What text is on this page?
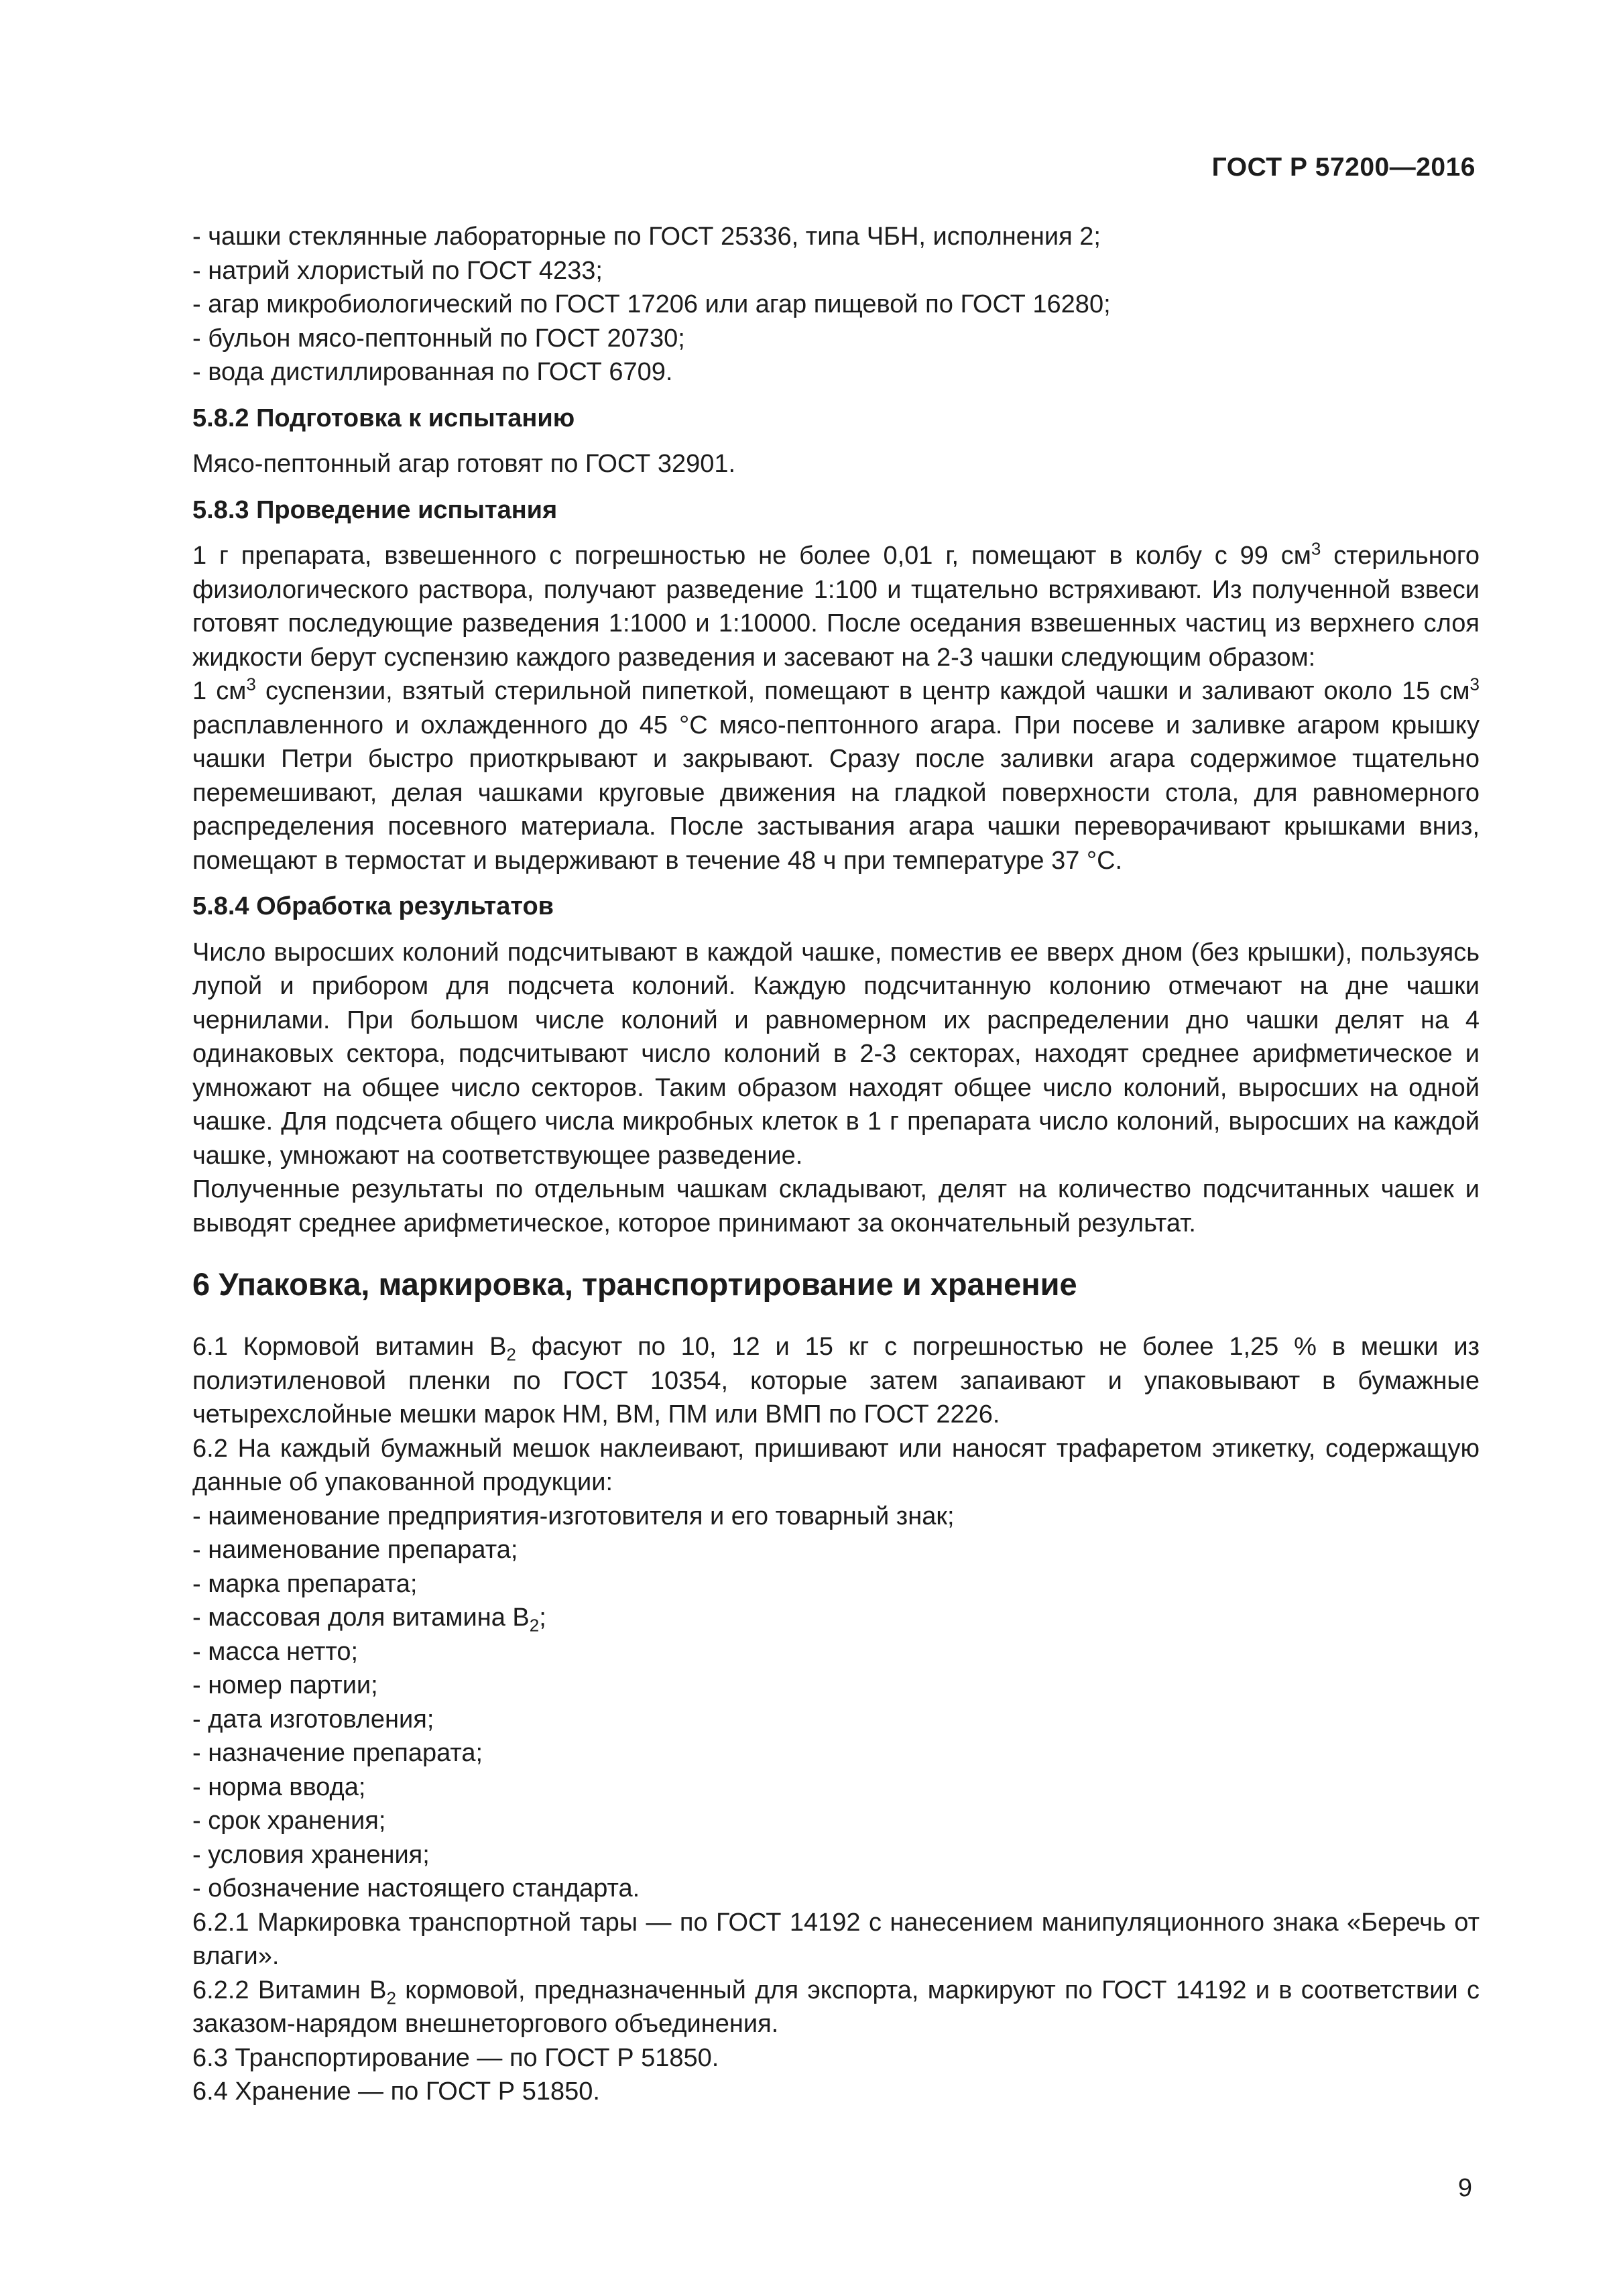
ГОСТ Р 57200—2016

- чашки стеклянные лабораторные по ГОСТ 25336, типа ЧБН, исполнения 2;

- натрий хлористый по ГОСТ 4233;

- агар микробиологический по ГОСТ 17206 или агар пищевой по ГОСТ 16280;

- бульон мясо-пептонный по ГОСТ 20730;

- вода дистиллированная по ГОСТ 6709.

5.8.2 Подготовка к испытанию

Мясо-пептонный агар готовят по ГОСТ 32901.

5.8.3 Проведение испытания

1 г препарата, взвешенного с погрешностью не более 0,01 г, помещают в колбу с 99 $см^3$ стерильного физиологического раствора, получают разведение 1:100 и тщательно встряхивают. Из полученной взвеси готовят последующие разведения 1:1000 и 1:10000. После оседания взвешенных частиц из верхнего слоя жидкости берут суспензию каждого разведения и засевают на 2-3 чашки следующим образом:

1 $см^3$ суспензии, взятый стерильной пипеткой, помещают в центр каждой чашки и заливают около 15 $см^3$ расплавленного и охлажденного до 45 °С мясо-пептонного агара. При посеве и заливке агаром крышку чашки Петри быстро приоткрывают и закрывают. Сразу после заливки агара содержимое тщательно перемешивают, делая чашками круговые движения на гладкой поверхности стола, для равномерного распределения посевного материала. После застывания агара чашки переворачивают крышками вниз, помещают в термостат и выдерживают в течение 48 ч при температуре 37 °С.

5.8.4 Обработка результатов

Число выросших колоний подсчитывают в каждой чашке, поместив ее вверх дном (без крышки), пользуясь лупой и прибором для подсчета колоний. Каждую подсчитанную колонию отмечают на дне чашки чернилами. При большом числе колоний и равномерном их распределении дно чашки делят на 4 одинаковых сектора, подсчитывают число колоний в 2-3 секторах, находят среднее арифметическое и умножают на общее число секторов. Таким образом находят общее число колоний, выросших на одной чашке. Для подсчета общего числа микробных клеток в 1 г препарата число колоний, выросших на каждой чашке, умножают на соответствующее разведение.

Полученные результаты по отдельным чашкам складывают, делят на количество подсчитанных чашек и выводят среднее арифметическое, которое принимают за окончательный результат.

6 Упаковка, маркировка, транспортирование и хранение

6.1 Кормовой витамин $В_2$ фасуют по 10, 12 и 15 кг с погрешностью не более 1,25 % в мешки из полиэтиленовой пленки по ГОСТ 10354, которые затем запаивают и упаковывают в бумажные четырехслойные мешки марок НМ, ВМ, ПМ или ВМП по ГОСТ 2226.

6.2 На каждый бумажный мешок наклеивают, пришивают или наносят трафаретом этикетку, содержащую данные об упакованной продукции:

- наименование предприятия-изготовителя и его товарный знак;

- наименование препарата;

- марка препарата;

- массовая доля витамина $В_2$;

- масса нетто;

- номер партии;

- дата изготовления;

- назначение препарата;

- норма ввода;

- срок хранения;

- условия хранения;

- обозначение настоящего стандарта.

6.2.1 Маркировка транспортной тары — по ГОСТ 14192 с нанесением манипуляционного знака «Беречь от влаги».

6.2.2 Витамин $В_2$ кормовой, предназначенный для экспорта, маркируют по ГОСТ 14192 и в соответствии с заказом-нарядом внешнеторгового объединения.

6.3 Транспортирование — по ГОСТ Р 51850.

6.4 Хранение — по ГОСТ Р 51850.

9
